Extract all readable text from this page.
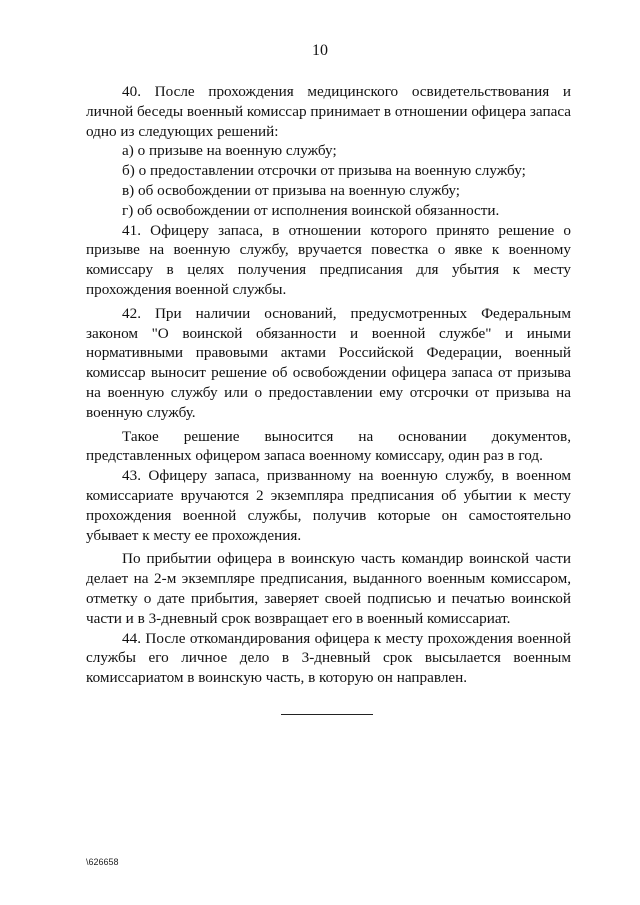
10

40. После прохождения медицинского освидетельствования и личной беседы военный комиссар принимает в отношении офицера запаса одно из следующих решений:

а) о призыве на военную службу;

б) о предоставлении отсрочки от призыва на военную службу;

в) об освобождении от призыва на военную службу;

г) об освобождении от исполнения воинской обязанности.

41. Офицеру запаса, в отношении которого принято решение о призыве на военную службу, вручается повестка о явке к военному комиссару в целях получения предписания для убытия к месту прохождения военной службы.

42. При наличии оснований, предусмотренных Федеральным законом "О воинской обязанности и военной службе" и иными нормативными правовыми актами Российской Федерации, военный комиссар выносит решение об освобождении офицера запаса от призыва на военную службу или о предоставлении ему отсрочки от призыва на военную службу.

Такое решение выносится на основании документов, представленных офицером запаса военному комиссару, один раз в год.

43. Офицеру запаса, призванному на военную службу, в военном комиссариате вручаются 2 экземпляра предписания об убытии к месту прохождения военной службы, получив которые он самостоятельно убывает к месту ее прохождения.

По прибытии офицера в воинскую часть командир воинской части делает на 2-м экземпляре предписания, выданного военным комиссаром, отметку о дате прибытия, заверяет своей подписью и печатью воинской части и в 3-дневный срок возвращает его в военный комиссариат.

44. После откомандирования офицера к месту прохождения военной службы его личное дело в 3-дневный срок высылается военным комиссариатом в воинскую часть, в которую он направлен.

\626658
